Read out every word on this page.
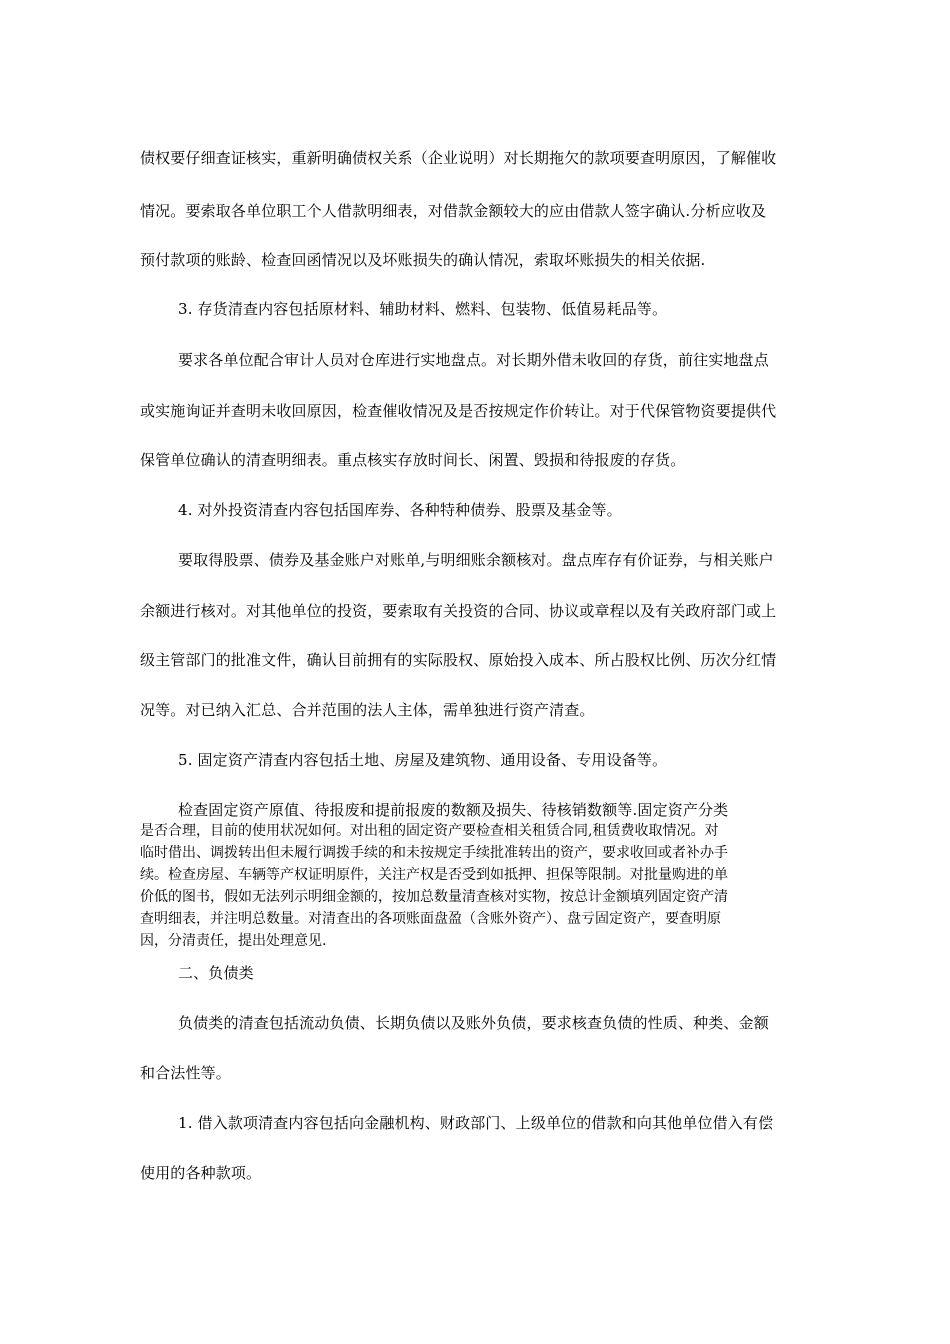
债权要仔细查证核实，重新明确债权关系（企业说明）对长期拖欠的款项要查明原因，了解催收
情况。要索取各单位职工个人借款明细表，对借款金额较大的应由借款人签字确认.分析应收及
预付款项的账龄、检查回函情况以及坏账损失的确认情况，索取坏账损失的相关依据.
3. 存货清查内容包括原材料、辅助材料、燃料、包装物、低值易耗品等。
要求各单位配合审计人员对仓库进行实地盘点。对长期外借未收回的存货，前往实地盘点
或实施询证并查明未收回原因，检查催收情况及是否按规定作价转让。对于代保管物资要提供代
保管单位确认的清查明细表。重点核实存放时间长、闲置、毁损和待报废的存货。
4. 对外投资清查内容包括国库券、各种特种债券、股票及基金等。
要取得股票、债券及基金账户对账单,与明细账余额核对。盘点库存有价证券，与相关账户
余额进行核对。对其他单位的投资，要索取有关投资的合同、协议或章程以及有关政府部门或上
级主管部门的批准文件，确认目前拥有的实际股权、原始投入成本、所占股权比例、历次分红情
况等。对已纳入汇总、合并范围的法人主体，需单独进行资产清查。
5. 固定资产清查内容包括土地、房屋及建筑物、通用设备、专用设备等。
检查固定资产原值、待报废和提前报废的数额及损失、待核销数额等.固定资产分类
是否合理，目前的使用状况如何。对出租的固定资产要检查相关租赁合同,租赁费收取情况。对
临时借出、调拨转出但未履行调拨手续的和未按规定手续批准转出的资产，要求收回或者补办手
续。检查房屋、车辆等产权证明原件，关注产权是否受到如抵押、担保等限制。对批量购进的单
价低的图书，假如无法列示明细金额的，按加总数量清查核对实物，按总计金额填列固定资产清
查明细表，并注明总数量。对清查出的各项账面盘盈（含账外资产）、盘亏固定资产，要查明原
因，分清责任，提出处理意见.
二、负债类
负债类的清查包括流动负债、长期负债以及账外负债，要求核查负债的性质、种类、金额
和合法性等。
1. 借入款项清查内容包括向金融机构、财政部门、上级单位的借款和向其他单位借入有偿
使用的各种款项。
